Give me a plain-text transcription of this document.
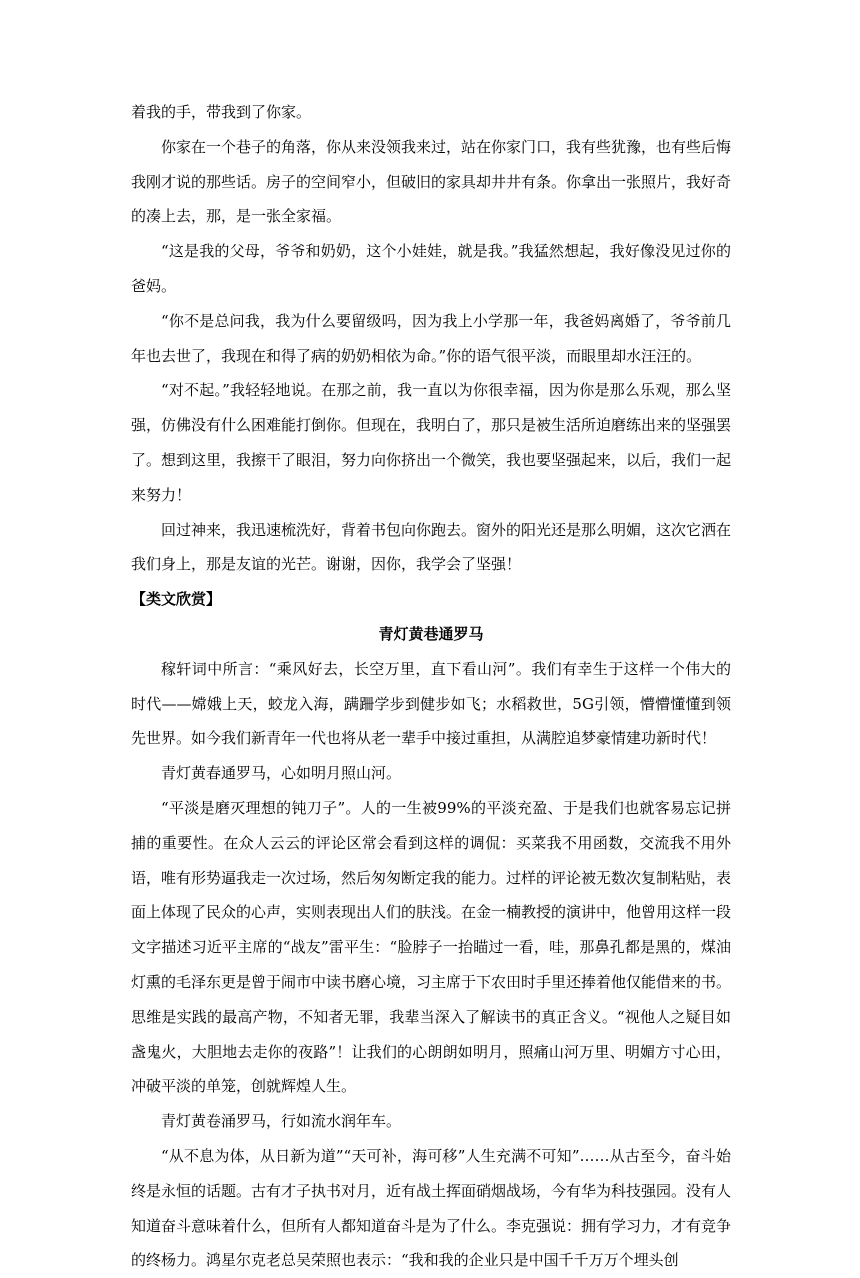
着我的手，带我到了你家。

你家在一个巷子的角落，你从来没领我来过，站在你家门口，我有些犹豫，也有些后悔我刚才说的那些话。房子的空间窄小，但破旧的家具却井井有条。你拿出一张照片，我好奇的凑上去，那，是一张全家福。

“这是我的父母，爷爷和奶奶，这个小娃娃，就是我。”我猛然想起，我好像没见过你的爸妈。

“你不是总问我，我为什么要留级吗，因为我上小学那一年，我爸妈离婚了，爷爷前几年也去世了，我现在和得了病的奶奶相依为命。”你的语气很平淡，而眼里却水汪汪的。

“对不起。”我轻轻地说。在那之前，我一直以为你很幸福，因为你是那么乐观，那么坚强，仿佛没有什么困难能打倒你。但现在，我明白了，那只是被生活所迫磨练出来的坚强罢了。想到这里，我擦干了眼泪，努力向你挤出一个微笑，我也要坚强起来，以后，我们一起来努力！

回过神来，我迅速梳洗好，背着书包向你跑去。窗外的阳光还是那么明媚，这次它洒在我们身上，那是友谊的光芒。谢谢，因你，我学会了坚强！

【类文欣赏】

青灯黄巷通罗马

稼轩词中所言：“乘风好去，长空万里，直下看山河”。我们有幸生于这样一个伟大的时代——嫦娥上天，蛟龙入海，蹒跚学步到健步如飞；水稻救世，5G引领，懵懵懂懂到领先世界。如今我们新青年一代也将从老一辈手中接过重担，从满腔追梦豪情建功新时代！

青灯黄春通罗马，心如明月照山河。

“平淡是磨灭理想的钝刀子”。人的一生被99%的平淡充盈、于是我们也就客易忘记拼捕的重要性。在众人云云的评论区常会看到这样的调侃：买菜我不用函数，交流我不用外语，唯有形势逼我走一次过场，然后匆匆断定我的能力。过样的评论被无数次复制粘贴，表面上体现了民众的心声，实则表现出人们的肤浅。在金一楠教授的演讲中，他曾用这样一段文字描述习近平主席的“战友”雷平生：“脸脖子一抬瞄过一看，哇，那鼻孔都是黑的，煤油灯熏的毛泽东更是曾于闹市中读书磨心境，习主席于下农田时手里还捧着他仅能借来的书。思维是实践的最高产物，不知者无罪，我辈当深入了解读书的真正含义。“视他人之疑目如盏鬼火，大胆地去走你的夜路”！让我们的心朗朗如明月，照痛山河万里、明媚方寸心田，冲破平淡的单笼，创就辉煌人生。

青灯黄卷涌罗马，行如流水润年车。

“从不息为体，从日新为道”“天可补，海可移”人生充满不可知”……从古至今，奋斗始终是永恒的话题。古有才子执书对月，近有战土挥面硝烟战场，今有华为科技强园。没有人知道奋斗意味着什么，但所有人都知道奋斗是为了什么。李克强说：拥有学习力，才有竞争的终杨力。鸿星尔克老总吴荣照也表示：“我和我的企业只是中国千千万万个埋头创
